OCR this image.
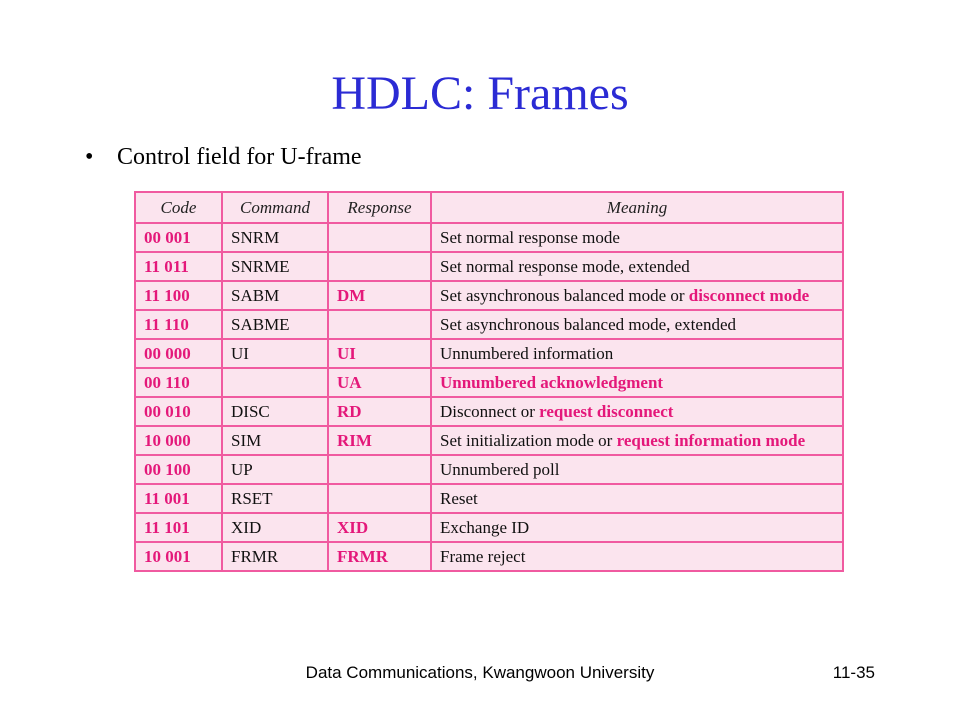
HDLC: Frames
• Control field for U-frame
Code	Command	Response	Meaning
00 001	SNRM		Set normal response mode
11 011	SNRME		Set normal response mode, extended
11 100	SABM	DM	Set asynchronous balanced mode or disconnect mode
11 110	SABME		Set asynchronous balanced mode, extended
00 000	UI	UI	Unnumbered information
00 110		UA	Unnumbered acknowledgment
00 010	DISC	RD	Disconnect or request disconnect
10 000	SIM	RIM	Set initialization mode or request information mode
00 100	UP		Unnumbered poll
11 001	RSET		Reset
11 101	XID	XID	Exchange ID
10 001	FRMR	FRMR	Frame reject
Data Communications, Kwangwoon University	11-35
